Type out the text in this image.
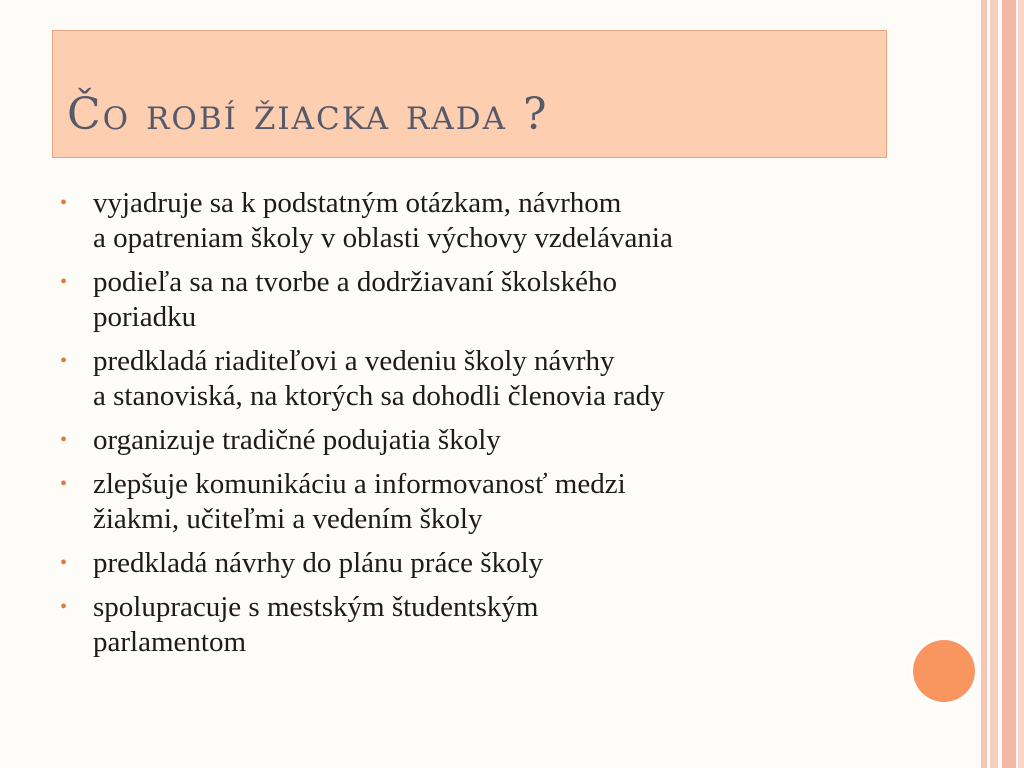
Čo robí žiacka rada ?
• vyjadruje sa k podstatným otázkam, návrhom
a opatreniam školy v oblasti výchovy vzdelávania
• podieľa sa na tvorbe a dodržiavaní školského
poriadku
• predkladá riaditeľovi a vedeniu školy návrhy
a stanoviská, na ktorých sa dohodli členovia rady
• organizuje tradičné podujatia školy
• zlepšuje komunikáciu a informovanosť medzi
žiakmi, učiteľmi a vedením školy
• predkladá návrhy do plánu práce školy
• spolupracuje s mestským študentským
parlamentom
